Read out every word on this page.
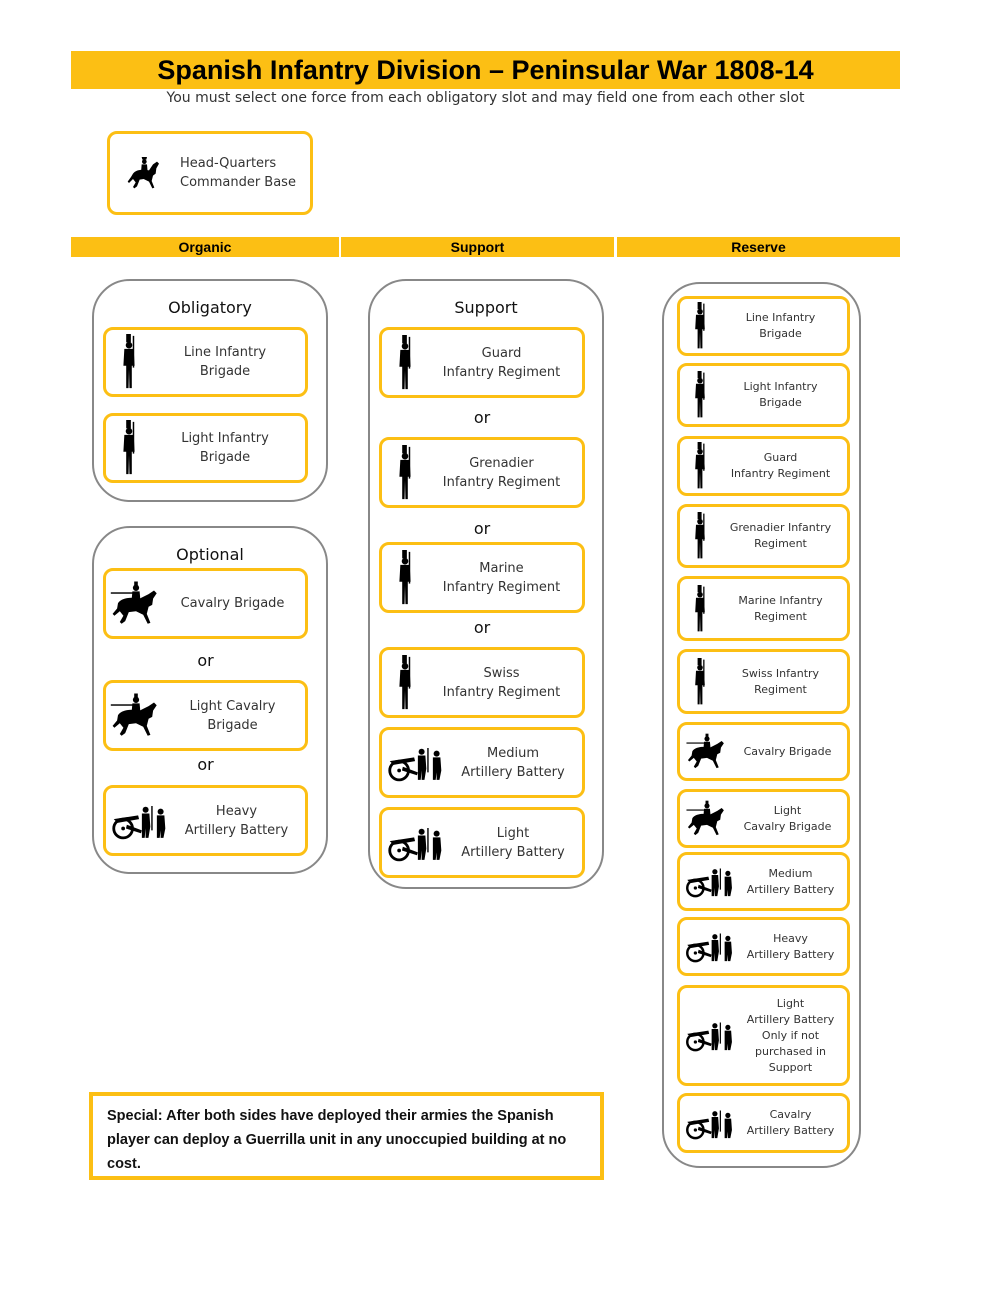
Spanish Infantry Division – Peninsular War 1808-14
You must select one force from each obligatory slot and may field one from each other slot
Head-Quarters
Commander Base
Organic	Support	Reserve
Obligatory
Line Infantry
Brigade
Light Infantry
Brigade
Optional
Cavalry Brigade
or
Light Cavalry
Brigade
or
Heavy
Artillery Battery
Support
Guard
Infantry Regiment
or
Grenadier
Infantry Regiment
or
Marine
Infantry Regiment
or
Swiss
Infantry Regiment
Medium
Artillery Battery
Light
Artillery Battery
Line Infantry
Brigade
Light Infantry
Brigade
Guard
Infantry Regiment
Grenadier Infantry
Regiment
Marine Infantry
Regiment
Swiss Infantry
Regiment
Cavalry Brigade
Light
Cavalry Brigade
Medium
Artillery Battery
Heavy
Artillery Battery
Light
Artillery Battery
Only if not
purchased in
Support
Cavalry
Artillery Battery
Special: After both sides have deployed their armies the Spanish player can deploy a Guerrilla unit in any unoccupied building at no cost.
